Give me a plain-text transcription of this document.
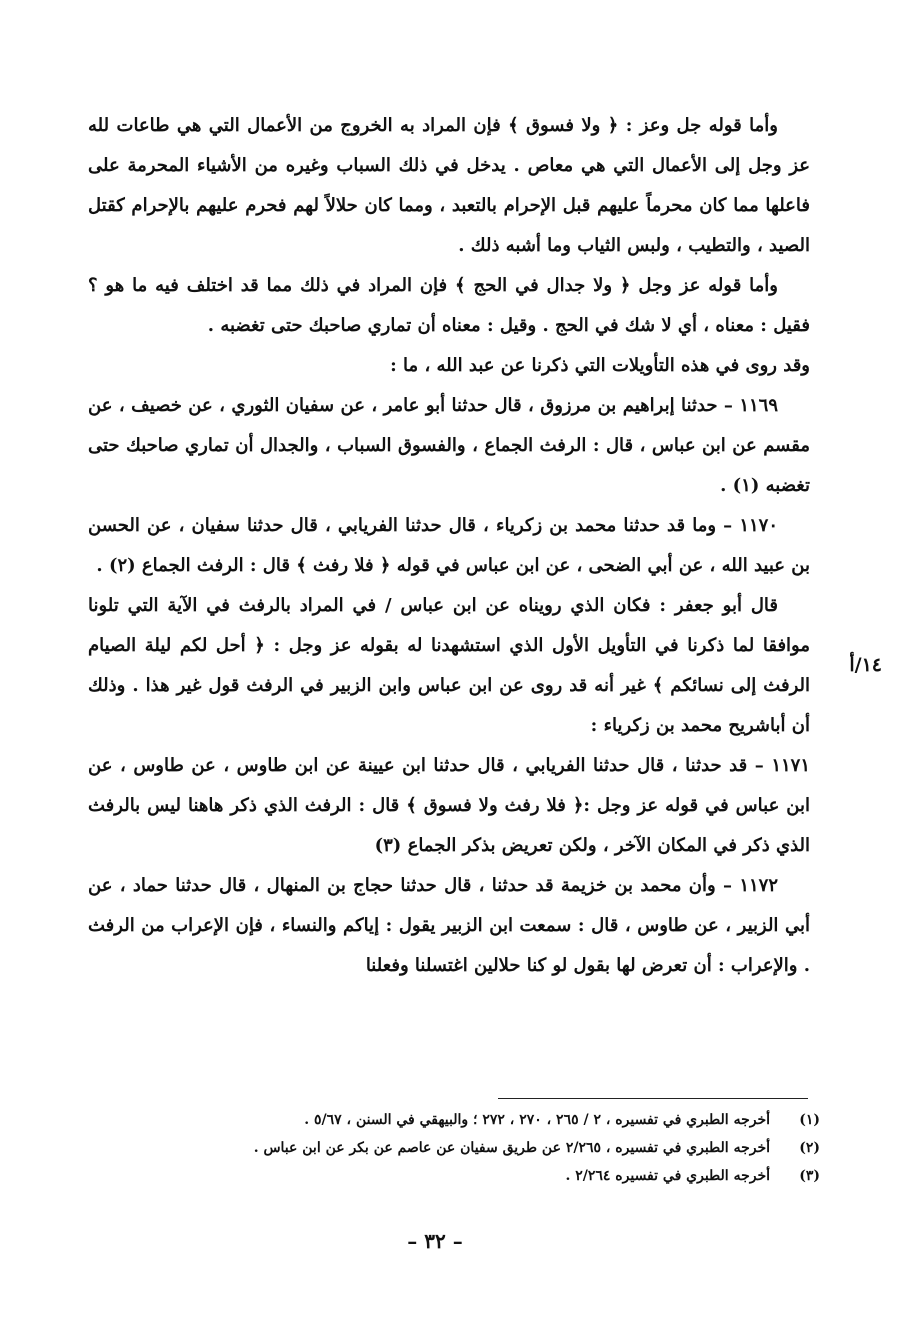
وأما قوله جل وعز : ﴿ ولا فسوق ﴾ فإن المراد به الخروج من الأعمال التي هي طاعات لله عز وجل إلى الأعمال التي هي معاص . يدخل في ذلك السباب وغيره من الأشياء المحرمة على فاعلها مما كان محرماً عليهم قبل الإحرام بالتعبد ، ومما كان حلالاً لهم فحرم عليهم بالإحرام كقتل الصيد ، والتطيب ، ولبس الثياب وما أشبه ذلك .

وأما قوله عز وجل ﴿ ولا جدال في الحج ﴾ فإن المراد في ذلك مما قد اختلف فيه ما هو ؟ فقيل : معناه ، أي لا شك في الحج . وقيل : معناه أن تماري صاحبك حتى تغضبه .

وقد روى في هذه التأويلات التي ذكرنا عن عبد الله ، ما :

١١٦٩ – حدثنا إبراهيم بن مرزوق ، قال حدثنا أبو عامر ، عن سفيان الثوري ، عن خصيف ، عن مقسم عن ابن عباس ، قال : الرفث الجماع ، والفسوق السباب ، والجدال أن تماري صاحبك حتى تغضبه (١) .

١١٧٠ – وما قد حدثنا محمد بن زكرياء ، قال حدثنا الفريابي ، قال حدثنا سفيان ، عن الحسن بن عبيد الله ، عن أبي الضحى ، عن ابن عباس في قوله ﴿ فلا رفث ﴾ قال : الرفث الجماع (٢) .

قال أبو جعفر : فكان الذي رويناه عن ابن عباس / في المراد بالرفث في الآية التي تلونا موافقا لما ذكرنا في التأويل الأول الذي استشهدنا له بقوله عز وجل : ﴿ أحل لكم ليلة الصيام الرفث إلى نسائكم ﴾ غير أنه قد روى عن ابن عباس وابن الزبير في الرفث قول غير هذا . وذلك أن أباشريح محمد بن زكرياء :

١١٧١ – قد حدثنا ، قال حدثنا الفريابي ، قال حدثنا ابن عيينة عن ابن طاوس ، عن طاوس ، عن ابن عباس في قوله عز وجل :﴿ فلا رفث ولا فسوق ﴾ قال : الرفث الذي ذكر هاهنا ليس بالرفث الذي ذكر في المكان الآخر ، ولكن تعريض بذكر الجماع (٣)

١١٧٢ – وأن محمد بن خزيمة قد حدثنا ، قال حدثنا حجاج بن المنهال ، قال حدثنا حماد ، عن أبي الزبير ، عن طاوس ، قال : سمعت ابن الزبير يقول : إياكم والنساء ، فإن الإعراب من الرفث . والإعراب : أن تعرض لها بقول لو كنا حلالين اغتسلنا وفعلنا

١٤/أ
(١)
أخرجه الطبري في تفسيره ، ٢ / ٢٦٥ ، ٢٧٠ ، ٢٧٢ ؛ والبيهقي في السنن ، ٥/٦٧ .
(٢)
أخرجه الطبري في تفسيره ، ٢/٢٦٥ عن طريق سفيان عن عاصم عن بكر عن ابن عباس .
(٣)
أخرجه الطبري في تفسيره ٢/٢٦٤ .
– ٣٢ –
